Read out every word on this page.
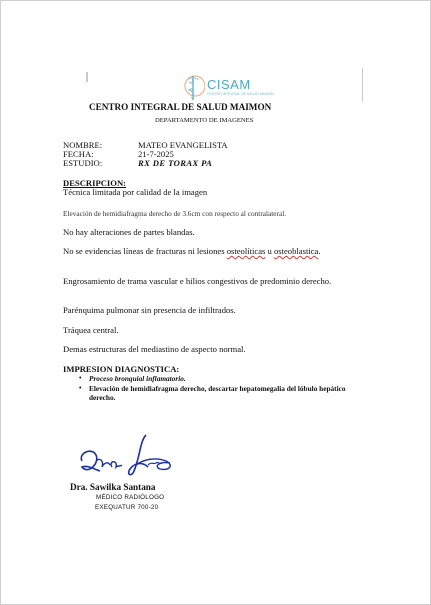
CISAM
CENTRO INTEGRAL DE SALUD MAIMON
CENTRO INTEGRAL DE SALUD MAIMON
DEPARTAMENTO DE IMAGENES
NOMBRE:	MATEO EVANGELISTA
FECHA:	21-7-2025
ESTUDIO:	RX DE TORAX PA
DESCRIPCION:
Técnica limitada por calidad de la imagen
Elevación de hemidiafragma derecho de 3.6cm con respecto al contralateral.
No hay alteraciones de partes blandas.
No se evidencias líneas de fracturas ni lesiones osteolíticas u osteoblastica.
Engrosamiento de trama vascular e hilios congestivos de predominio derecho.
Parénquima pulmonar sin presencia de infiltrados.
Tráquea central.
Demas estructuras del mediastino de aspecto normal.
IMPRESION DIAGNOSTICA:
• Proceso bronquial inflamatorio.
• Elevación de hemidiafragma derecho, descartar hepatomegalia del lóbulo hepático derecho.
Dra. Sawilka Santana
MÉDICO RADIÓLOGO
EXEQUATUR 700-20
